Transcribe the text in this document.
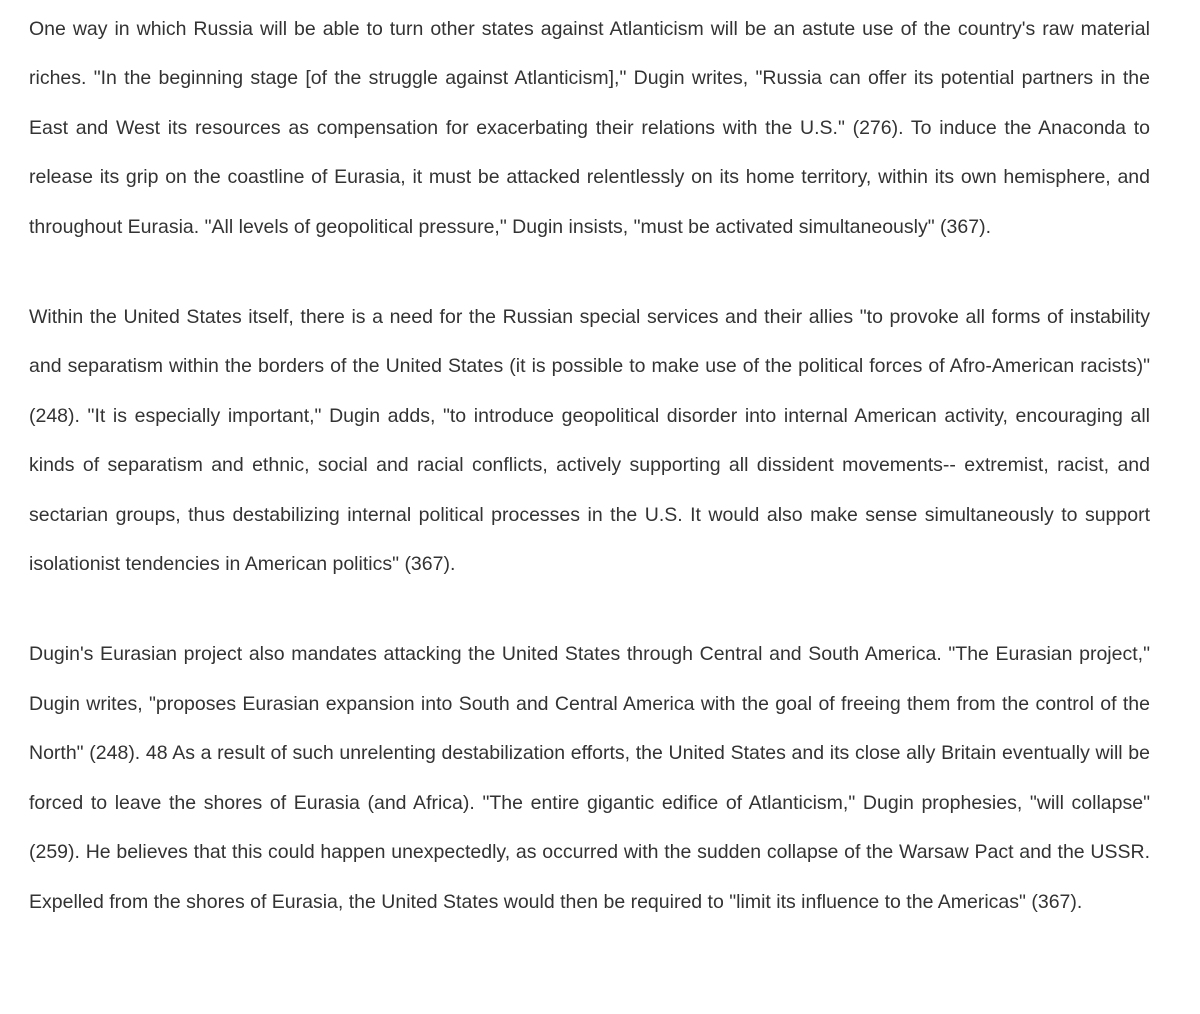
One way in which Russia will be able to turn other states against Atlanticism will be an astute use of the country's raw material riches. "In the beginning stage [of the struggle against Atlanticism]," Dugin writes, "Russia can offer its potential partners in the East and West its resources as compensation for exacerbating their relations with the U.S." (276). To induce the Anaconda to release its grip on the coastline of Eurasia, it must be attacked relentlessly on its home territory, within its own hemisphere, and throughout Eurasia. "All levels of geopolitical pressure," Dugin insists, "must be activated simultaneously" (367).

Within the United States itself, there is a need for the Russian special services and their allies "to provoke all forms of instability and separatism within the borders of the United States (it is possible to make use of the political forces of Afro-American racists)" (248). "It is especially important," Dugin adds, "to introduce geopolitical disorder into internal American activity, encouraging all kinds of separatism and ethnic, social and racial conflicts, actively supporting all dissident movements-- extremist, racist, and sectarian groups, thus destabilizing internal political processes in the U.S. It would also make sense simultaneously to support isolationist tendencies in American politics" (367).

Dugin's Eurasian project also mandates attacking the United States through Central and South America. "The Eurasian project," Dugin writes, "proposes Eurasian expansion into South and Central America with the goal of freeing them from the control of the North" (248). 48 As a result of such unrelenting destabilization efforts, the United States and its close ally Britain eventually will be forced to leave the shores of Eurasia (and Africa). "The entire gigantic edifice of Atlanticism," Dugin prophesies, "will collapse" (259). He believes that this could happen unexpectedly, as occurred with the sudden collapse of the Warsaw Pact and the USSR. Expelled from the shores of Eurasia, the United States would then be required to "limit its influence to the Americas" (367).
